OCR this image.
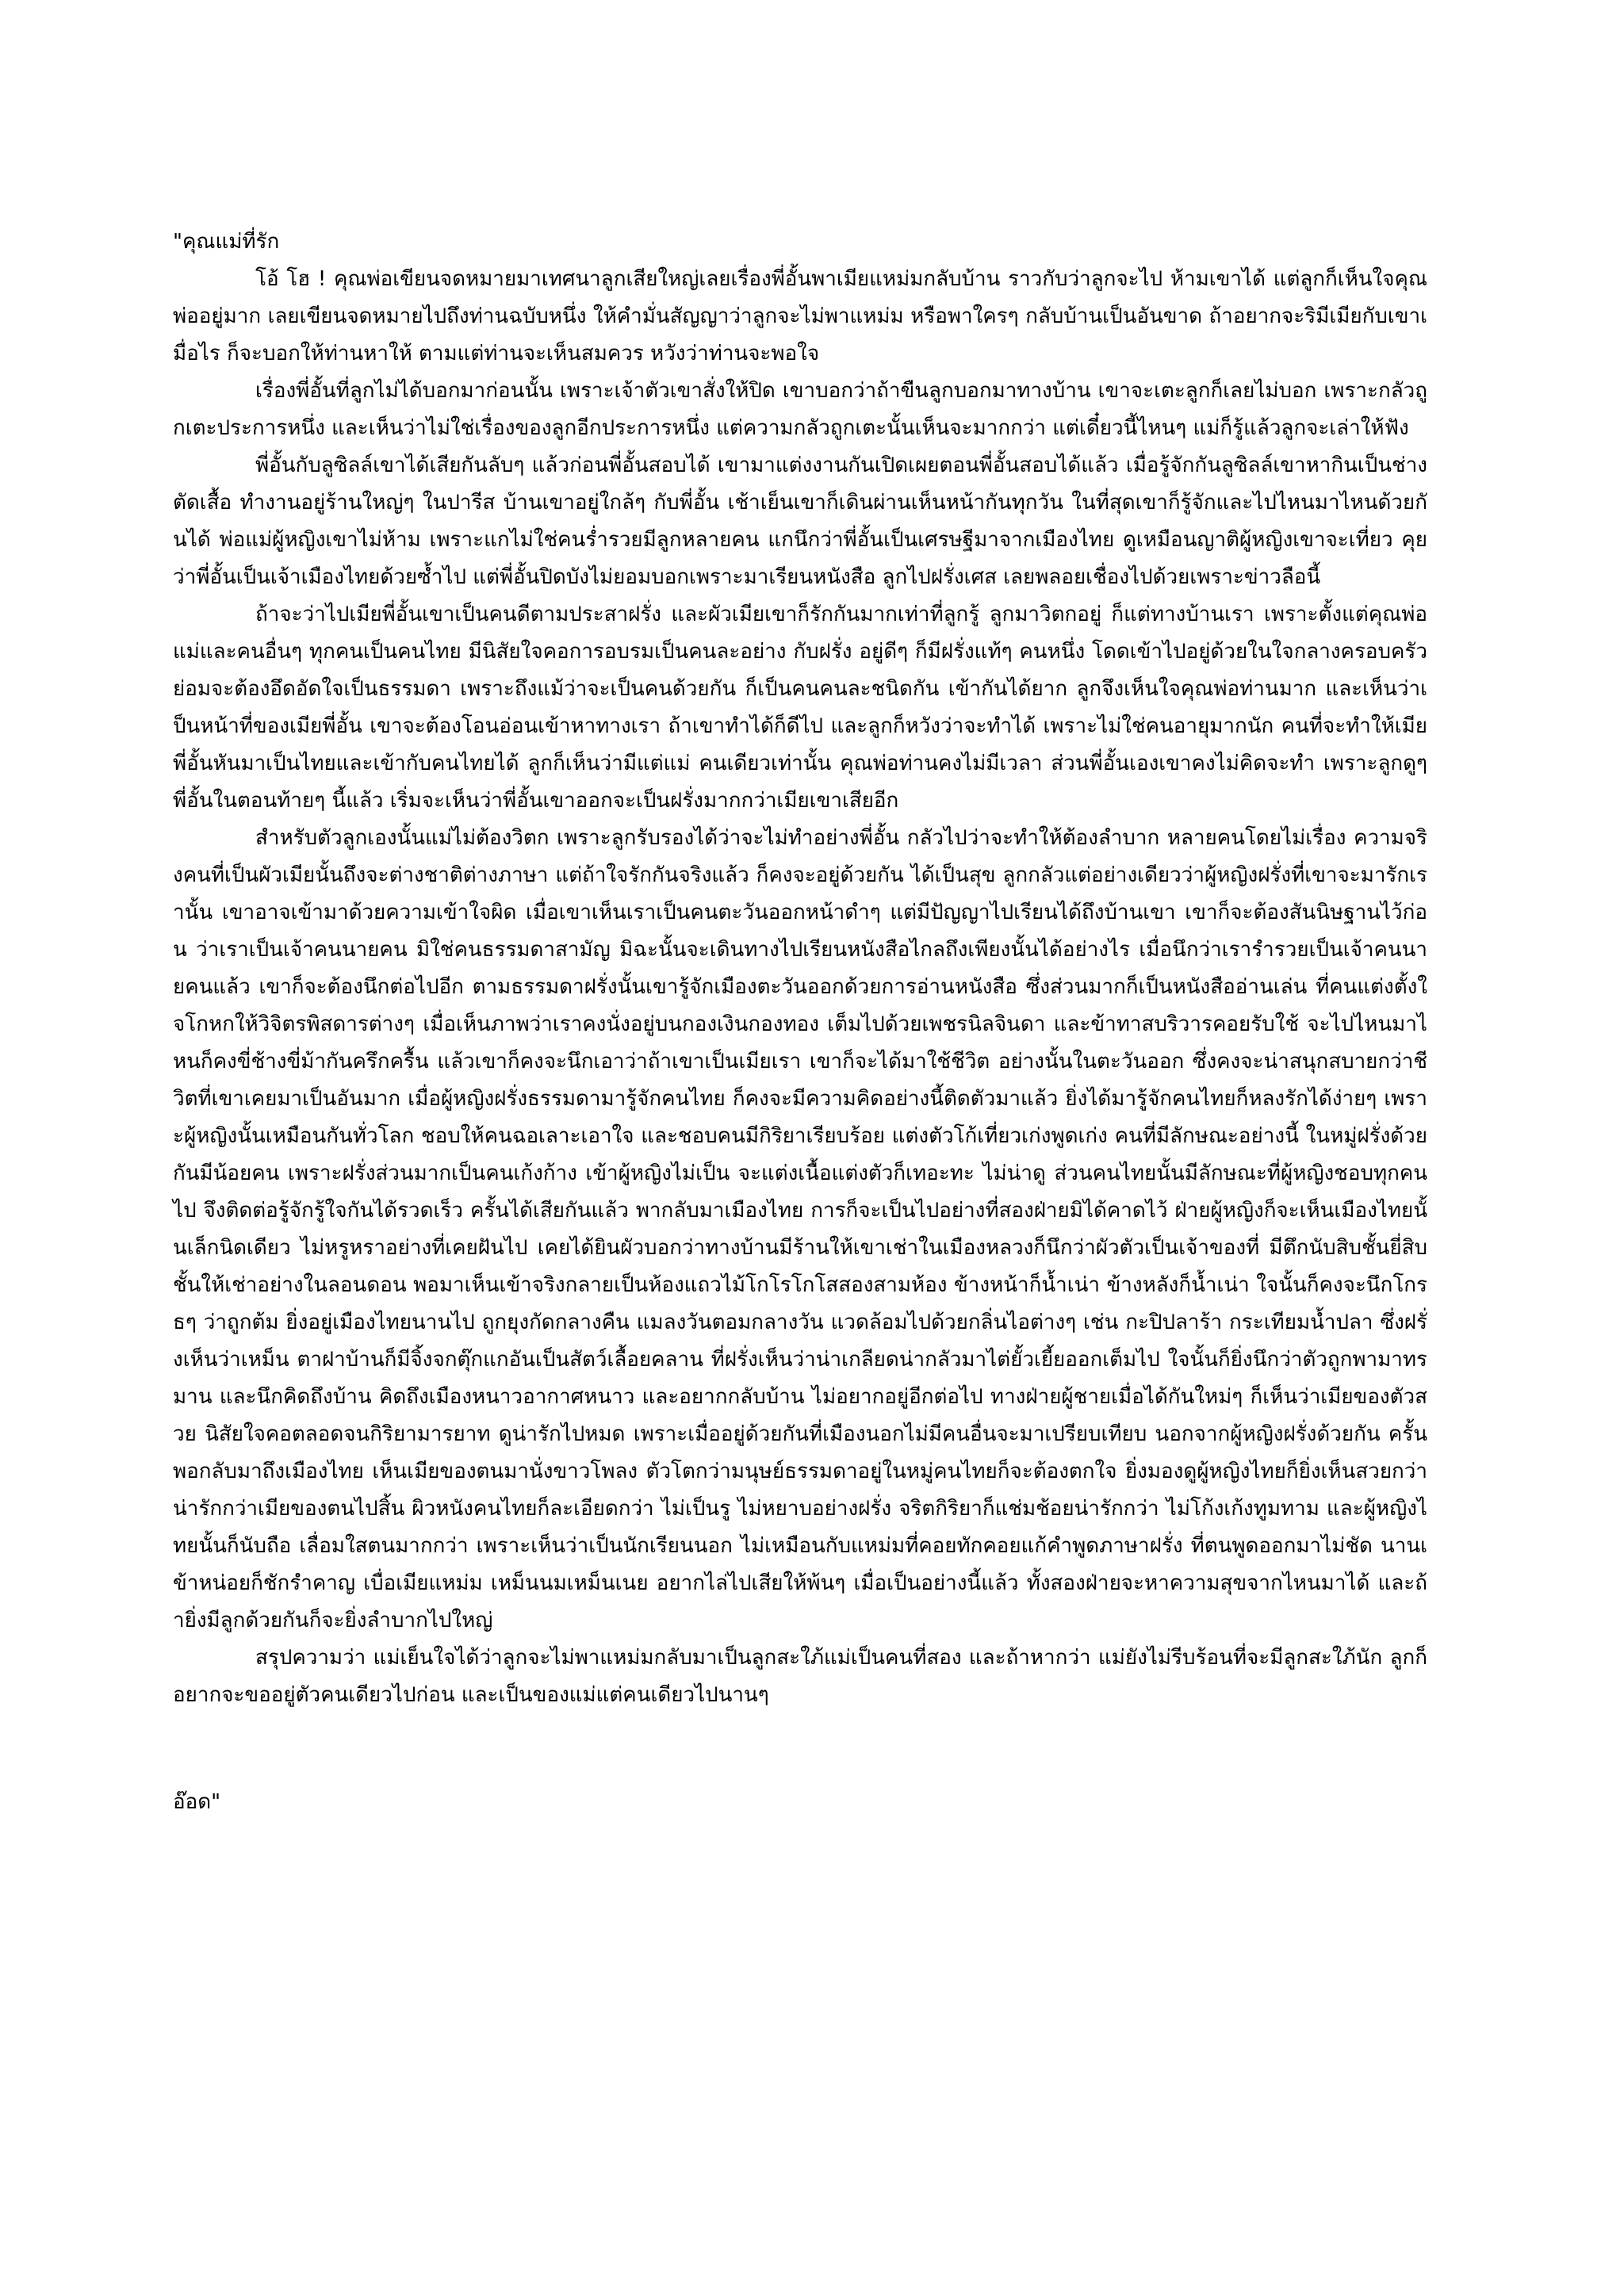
"คุณแม่ที่รัก

โอ้ โฮ ! คุณพ่อเขียนจดหมายมาเทศนาลูกเสียใหญ่เลยเรื่องพี่อั้นพาเมียแหม่มกลับบ้าน ราวกับว่าลูกจะไป ห้ามเขาได้ แต่ลูกก็เห็นใจคุณพ่ออยู่มาก เลยเขียนจดหมายไปถึงท่านฉบับหนึ่ง ให้คำมั่นสัญญาว่าลูกจะไม่พาแหม่ม หรือพาใครๆ กลับบ้านเป็นอันขาด ถ้าอยากจะริมีเมียกับเขาเมื่อไร ก็จะบอกให้ท่านหาให้ ตามแต่ท่านจะเห็นสมควร หวังว่าท่านจะพอใจ

เรื่องพี่อั้นที่ลูกไม่ได้บอกมาก่อนนั้น เพราะเจ้าตัวเขาสั่งให้ปิด เขาบอกว่าถ้าขืนลูกบอกมาทางบ้าน เขาจะเตะลูกก็เลยไม่บอก เพราะกลัวถูกเตะประการหนึ่ง และเห็นว่าไม่ใช่เรื่องของลูกอีกประการหนึ่ง แต่ความกลัวถูกเตะนั้นเห็นจะมากกว่า แต่เดี๋ยวนี้ไหนๆ แม่ก็รู้แล้วลูกจะเล่าให้ฟัง

พี่อั้นกับลูซิลล์เขาได้เสียกันลับๆ แล้วก่อนพี่อั้นสอบได้ เขามาแต่งงานกันเปิดเผยตอนพี่อั้นสอบได้แล้ว เมื่อรู้จักกันลูซิลล์เขาหากินเป็นช่างตัดเสื้อ ทำงานอยู่ร้านใหญ่ๆ ในปารีส บ้านเขาอยู่ใกล้ๆ กับพี่อั้น เช้าเย็นเขาก็เดินผ่านเห็นหน้ากันทุกวัน ในที่สุดเขาก็รู้จักและไปไหนมาไหนด้วยกันได้ พ่อแม่ผู้หญิงเขาไม่ห้าม เพราะแกไม่ใช่คนร่ำรวยมีลูกหลายคน แกนึกว่าพี่อั้นเป็นเศรษฐีมาจากเมืองไทย ดูเหมือนญาติผู้หญิงเขาจะเที่ยว คุยว่าพี่อั้นเป็นเจ้าเมืองไทยด้วยซ้ำไป แต่พี่อั้นปิดบังไม่ยอมบอกเพราะมาเรียนหนังสือ ลูกไปฝรั่งเศส เลยพลอยเชื่องไปด้วยเพราะข่าวลือนี้

ถ้าจะว่าไปเมียพี่อั้นเขาเป็นคนดีตามประสาฝรั่ง และผัวเมียเขาก็รักกันมากเท่าที่ลูกรู้ ลูกมาวิตกอยู่ ก็แต่ทางบ้านเรา เพราะตั้งแต่คุณพ่อ แม่และคนอื่นๆ ทุกคนเป็นคนไทย มีนิสัยใจคอการอบรมเป็นคนละอย่าง กับฝรั่ง อยู่ดีๆ ก็มีฝรั่งแท้ๆ คนหนึ่ง โดดเข้าไปอยู่ด้วยในใจกลางครอบครัว ย่อมจะต้องอึดอัดใจเป็นธรรมดา เพราะถึงแม้ว่าจะเป็นคนด้วยกัน ก็เป็นคนคนละชนิดกัน เข้ากันได้ยาก ลูกจึงเห็นใจคุณพ่อท่านมาก และเห็นว่าเป็นหน้าที่ของเมียพี่อั้น เขาจะต้องโอนอ่อนเข้าหาทางเรา ถ้าเขาทำได้ก็ดีไป และลูกก็หวังว่าจะทำได้ เพราะไม่ใช่คนอายุมากนัก คนที่จะทำให้เมียพี่อั้นหันมาเป็นไทยและเข้ากับคนไทยได้ ลูกก็เห็นว่ามีแต่แม่ คนเดียวเท่านั้น คุณพ่อท่านคงไม่มีเวลา ส่วนพี่อั้นเองเขาคงไม่คิดจะทำ เพราะลูกดูๆ พี่อั้นในตอนท้ายๆ นี้แล้ว เริ่มจะเห็นว่าพี่อั้นเขาออกจะเป็นฝรั่งมากกว่าเมียเขาเสียอีก

สำหรับตัวลูกเองนั้นแม่ไม่ต้องวิตก เพราะลูกรับรองได้ว่าจะไม่ทำอย่างพี่อั้น กลัวไปว่าจะทำให้ต้องลำบาก หลายคนโดยไม่เรื่อง ความจริงคนที่เป็นผัวเมียนั้นถึงจะต่างชาติต่างภาษา แต่ถ้าใจรักกันจริงแล้ว ก็คงจะอยู่ด้วยกัน ได้เป็นสุข ลูกกลัวแต่อย่างเดียวว่าผู้หญิงฝรั่งที่เขาจะมารักเรานั้น เขาอาจเข้ามาด้วยความเข้าใจผิด เมื่อเขาเห็นเราเป็นคนตะวันออกหน้าดำๆ แต่มีปัญญาไปเรียนได้ถึงบ้านเขา เขาก็จะต้องสันนิษฐานไว้ก่อน ว่าเราเป็นเจ้าคนนายคน มิใช่คนธรรมดาสามัญ มิฉะนั้นจะเดินทางไปเรียนหนังสือไกลถึงเพียงนั้นได้อย่างไร เมื่อนึกว่าเรารำรวยเป็นเจ้าคนนายคนแล้ว เขาก็จะต้องนึกต่อไปอีก ตามธรรมดาฝรั่งนั้นเขารู้จักเมืองตะวันออกด้วยการอ่านหนังสือ ซึ่งส่วนมากก็เป็นหนังสืออ่านเล่น ที่คนแต่งตั้งใจโกหกให้วิจิตรพิสดารต่างๆ เมื่อเห็นภาพว่าเราคงนั่งอยู่บนกองเงินกองทอง เต็มไปด้วยเพชรนิลจินดา และข้าทาสบริวารคอยรับใช้ จะไปไหนมาไหนก็คงขี่ช้างขี่ม้ากันครึกครื้น แล้วเขาก็คงจะนึกเอาว่าถ้าเขาเป็นเมียเรา เขาก็จะได้มาใช้ชีวิต อย่างนั้นในตะวันออก ซึ่งคงจะน่าสนุกสบายกว่าชีวิตที่เขาเคยมาเป็นอันมาก เมื่อผู้หญิงฝรั่งธรรมดามารู้จักคนไทย ก็คงจะมีความคิดอย่างนี้ติดตัวมาแล้ว ยิ่งได้มารู้จักคนไทยก็หลงรักได้ง่ายๆ เพราะผู้หญิงนั้นเหมือนกันทั่วโลก ชอบให้คนฉอเลาะเอาใจ และชอบคนมีกิริยาเรียบร้อย แต่งตัวโก้เที่ยวเก่งพูดเก่ง คนที่มีลักษณะอย่างนี้ ในหมู่ฝรั่งด้วยกันมีน้อยคน เพราะฝรั่งส่วนมากเป็นคนเก้งก้าง เข้าผู้หญิงไม่เป็น จะแต่งเนื้อแต่งตัวก็เทอะทะ ไม่น่าดู ส่วนคนไทยนั้นมีลักษณะที่ผู้หญิงชอบทุกคนไป จึงติดต่อรู้จักรู้ใจกันได้รวดเร็ว ครั้นได้เสียกันแล้ว พากลับมาเมืองไทย การก็จะเป็นไปอย่างที่สองฝ่ายมิได้คาดไว้ ฝ่ายผู้หญิงก็จะเห็นเมืองไทยนั้นเล็กนิดเดียว ไม่หรูหราอย่างที่เคยฝันไป เคยได้ยินผัวบอกว่าทางบ้านมีร้านให้เขาเช่าในเมืองหลวงก็นึกว่าผัวตัวเป็นเจ้าของที่ มีตึกนับสิบชั้นยี่สิบชั้นให้เช่าอย่างในลอนดอน พอมาเห็นเข้าจริงกลายเป็นห้องแถวไม้โกโรโกโสสองสามห้อง ข้างหน้าก็น้ำเน่า ข้างหลังก็น้ำเน่า ใจนั้นก็คงจะนึกโกรธๆ ว่าถูกต้ม ยิ่งอยู่เมืองไทยนานไป ถูกยุงกัดกลางคืน แมลงวันตอมกลางวัน แวดล้อมไปด้วยกลิ่นไอต่างๆ เช่น กะปิปลาร้า กระเทียมน้ำปลา ซึ่งฝรั่งเห็นว่าเหม็น ตาฝาบ้านก็มีจิ้งจกตุ๊กแกอันเป็นสัตว์เลื้อยคลาน ที่ฝรั่งเห็นว่าน่าเกลียดน่ากลัวมาไต่ยั้วเยี้ยออกเต็มไป ใจนั้นก็ยิ่งนึกว่าตัวถูกพามาทรมาน และนึกคิดถึงบ้าน คิดถึงเมืองหนาวอากาศหนาว และอยากกลับบ้าน ไม่อยากอยู่อีกต่อไป ทางฝ่ายผู้ชายเมื่อได้กันใหม่ๆ ก็เห็นว่าเมียของตัวสวย นิสัยใจคอตลอดจนกิริยามารยาท ดูน่ารักไปหมด เพราะเมื่ออยู่ด้วยกันที่เมืองนอกไม่มีคนอื่นจะมาเปรียบเทียบ นอกจากผู้หญิงฝรั่งด้วยกัน ครั้นพอกลับมาถึงเมืองไทย เห็นเมียของตนมานั่งขาวโพลง ตัวโตกว่ามนุษย์ธรรมดาอยู่ในหมู่คนไทยก็จะต้องตกใจ ยิ่งมองดูผู้หญิงไทยก็ยิ่งเห็นสวยกว่า น่ารักกว่าเมียของตนไปสิ้น ผิวหนังคนไทยก็ละเอียดกว่า ไม่เป็นรู ไม่หยาบอย่างฝรั่ง จริตกิริยาก็แช่มช้อยน่ารักกว่า ไม่โก้งเก้งทูมทาม และผู้หญิงไทยนั้นก็นับถือ เลื่อมใสตนมากกว่า เพราะเห็นว่าเป็นนักเรียนนอก ไม่เหมือนกับแหม่มที่คอยทักคอยแก้คำพูดภาษาฝรั่ง ที่ตนพูดออกมาไม่ชัด นานเข้าหน่อยก็ชักรำคาญ เบื่อเมียแหม่ม เหม็นนมเหม็นเนย อยากไล่ไปเสียให้พ้นๆ เมื่อเป็นอย่างนี้แล้ว ทั้งสองฝ่ายจะหาความสุขจากไหนมาได้ และถ้ายิ่งมีลูกด้วยกันก็จะยิ่งลำบากไปใหญ่

สรุปความว่า แม่เย็นใจได้ว่าลูกจะไม่พาแหม่มกลับมาเป็นลูกสะใภ้แม่เป็นคนที่สอง และถ้าหากว่า แม่ยังไม่รีบร้อนที่จะมีลูกสะใภ้นัก ลูกก็อยากจะขออยู่ตัวคนเดียวไปก่อน และเป็นของแม่แต่คนเดียวไปนานๆ

อ๊อด"
